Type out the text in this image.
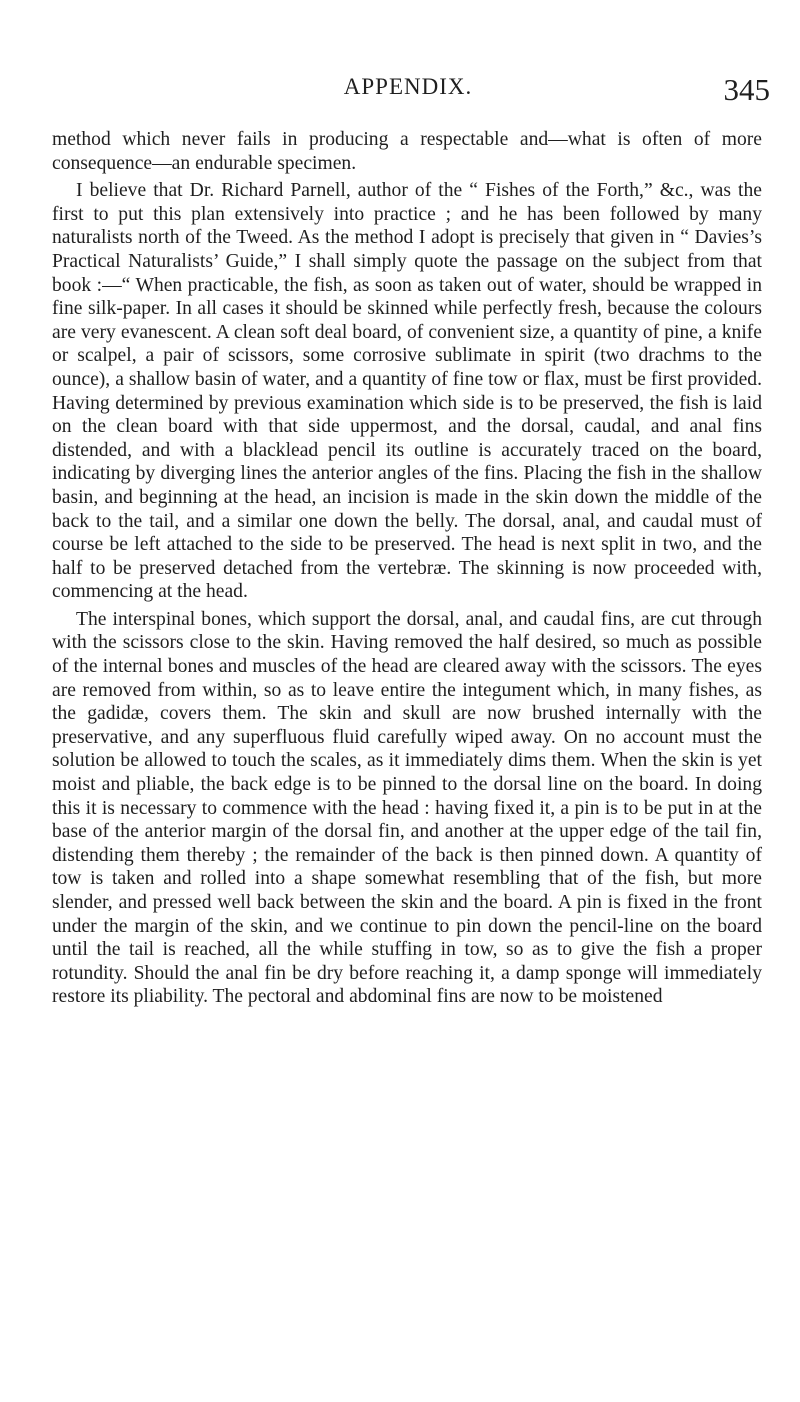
APPENDIX.	345

method which never fails in producing a respectable and—what is often of more consequence—an endurable specimen.

I believe that Dr. Richard Parnell, author of the “ Fishes of the Forth,” &c., was the first to put this plan extensively into practice ; and he has been followed by many naturalists north of the Tweed. As the method I adopt is precisely that given in “ Davies’s Practical Naturalists’ Guide,” I shall simply quote the passage on the subject from that book :—“ When practicable, the fish, as soon as taken out of water, should be wrapped in fine silk-paper. In all cases it should be skinned while perfectly fresh, because the colours are very evanescent. A clean soft deal board, of convenient size, a quantity of pine, a knife or scalpel, a pair of scissors, some corrosive sublimate in spirit (two drachms to the ounce), a shallow basin of water, and a quantity of fine tow or flax, must be first provided. Having determined by previous examination which side is to be preserved, the fish is laid on the clean board with that side uppermost, and the dorsal, caudal, and anal fins distended, and with a blacklead pencil its outline is accurately traced on the board, indicating by diverging lines the anterior angles of the fins. Placing the fish in the shallow basin, and beginning at the head, an incision is made in the skin down the middle of the back to the tail, and a similar one down the belly. The dorsal, anal, and caudal must of course be left attached to the side to be preserved. The head is next split in two, and the half to be preserved detached from the vertebræ. The skinning is now proceeded with, commencing at the head.

The interspinal bones, which support the dorsal, anal, and caudal fins, are cut through with the scissors close to the skin. Having removed the half desired, so much as possible of the internal bones and muscles of the head are cleared away with the scissors. The eyes are removed from within, so as to leave entire the integument which, in many fishes, as the gadidæ, covers them. The skin and skull are now brushed internally with the preservative, and any superfluous fluid carefully wiped away. On no account must the solution be allowed to touch the scales, as it immediately dims them. When the skin is yet moist and pliable, the back edge is to be pinned to the dorsal line on the board. In doing this it is necessary to commence with the head : having fixed it, a pin is to be put in at the base of the anterior margin of the dorsal fin, and another at the upper edge of the tail fin, distending them thereby ; the remainder of the back is then pinned down. A quantity of tow is taken and rolled into a shape somewhat resembling that of the fish, but more slender, and pressed well back between the skin and the board. A pin is fixed in the front under the margin of the skin, and we continue to pin down the pencil-line on the board until the tail is reached, all the while stuffing in tow, so as to give the fish a proper rotundity. Should the anal fin be dry before reaching it, a damp sponge will immediately restore its pliability. The pectoral and abdominal fins are now to be moistened
